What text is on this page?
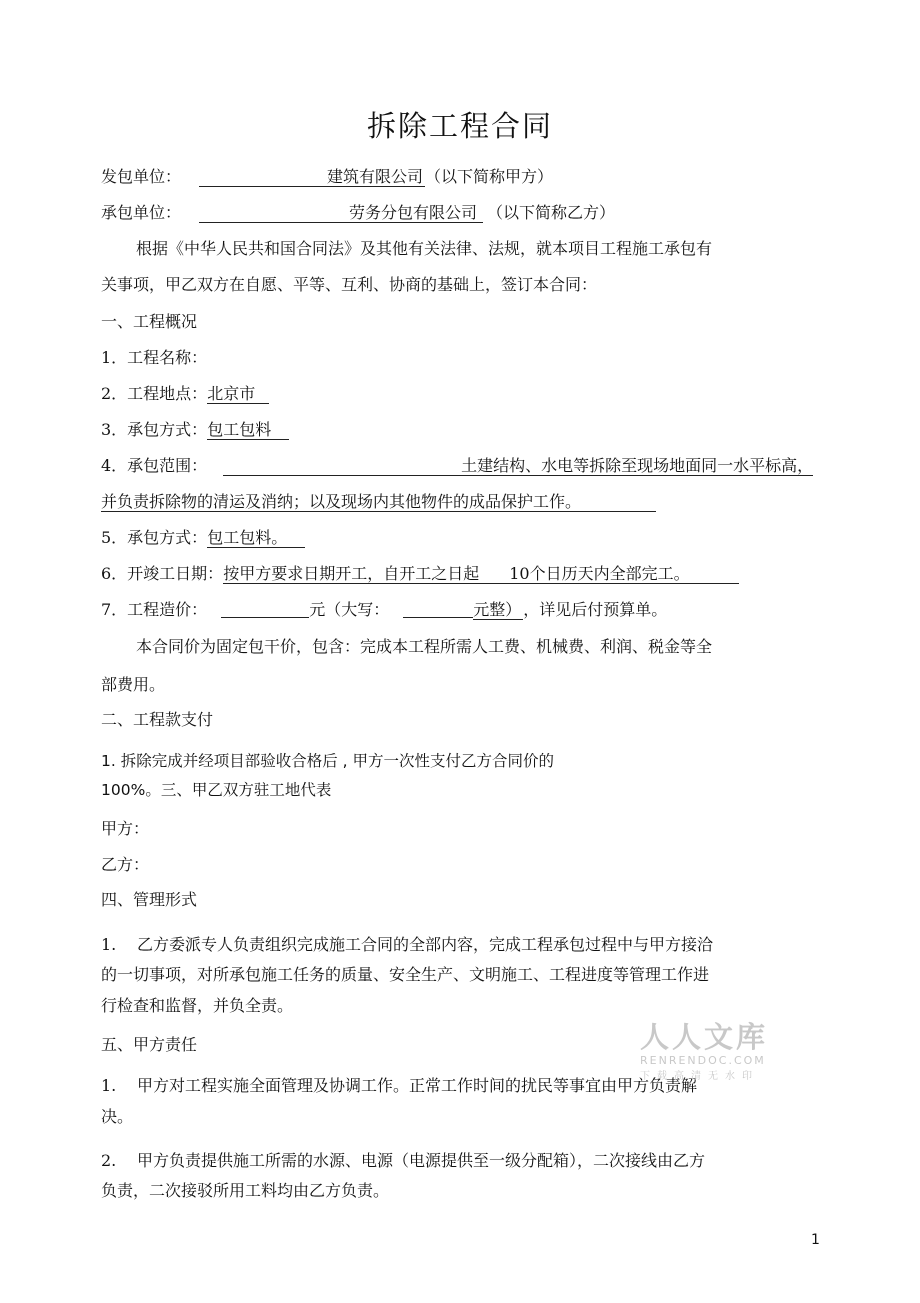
拆除工程合同
发包单位：	建筑有限公司 （以下简称甲方）
承包单位：	劳务分包有限公司 （以下简称乙方）
根据《中华人民共和国合同法》及其他有关法律、法规，就本项目工程施工承包有
关事项，甲乙双方在自愿、平等、互利、协商的基础上，签订本合同：
一、工程概况
1．工程名称：
2．工程地点：北京市
3．承包方式：包工包料
4．承包范围：	土建结构、水电等拆除至现场地面同一水平标高，
并负责拆除物的清运及消纳；以及现场内其他物件的成品保护工作。
5．承包方式：包工包料。
6．开竣工日期：按甲方要求日期开工，自开工之日起 10个日历天内全部完工。
7．工程造价：	元（大写：	元整） ，详见后付预算单。
本合同价为固定包干价，包含：完成本工程所需人工费、机械费、利润、税金等全
部费用。
二、工程款支付
1. 拆除完成并经项目部验收合格后 , 甲方一次性支付乙方合同价的
100%。三、甲乙双方驻工地代表
甲方：
乙方：
四、管理形式
1. 乙方委派专人负责组织完成施工合同的全部内容，完成工程承包过程中与甲方接洽
的一切事项，对所承包施工任务的质量、安全生产、文明施工、工程进度等管理工作进
行检查和监督，并负全责。
五、甲方责任
1. 甲方对工程实施全面管理及协调工作。正常工作时间的扰民等事宜由甲方负责解
决。
2. 甲方负责提供施工所需的水源、电源（电源提供至一级分配箱），二次接线由乙方
负责，二次接驳所用工料均由乙方负责。
人人文库
RENRENDOC.COM
下载高清无水印
1
